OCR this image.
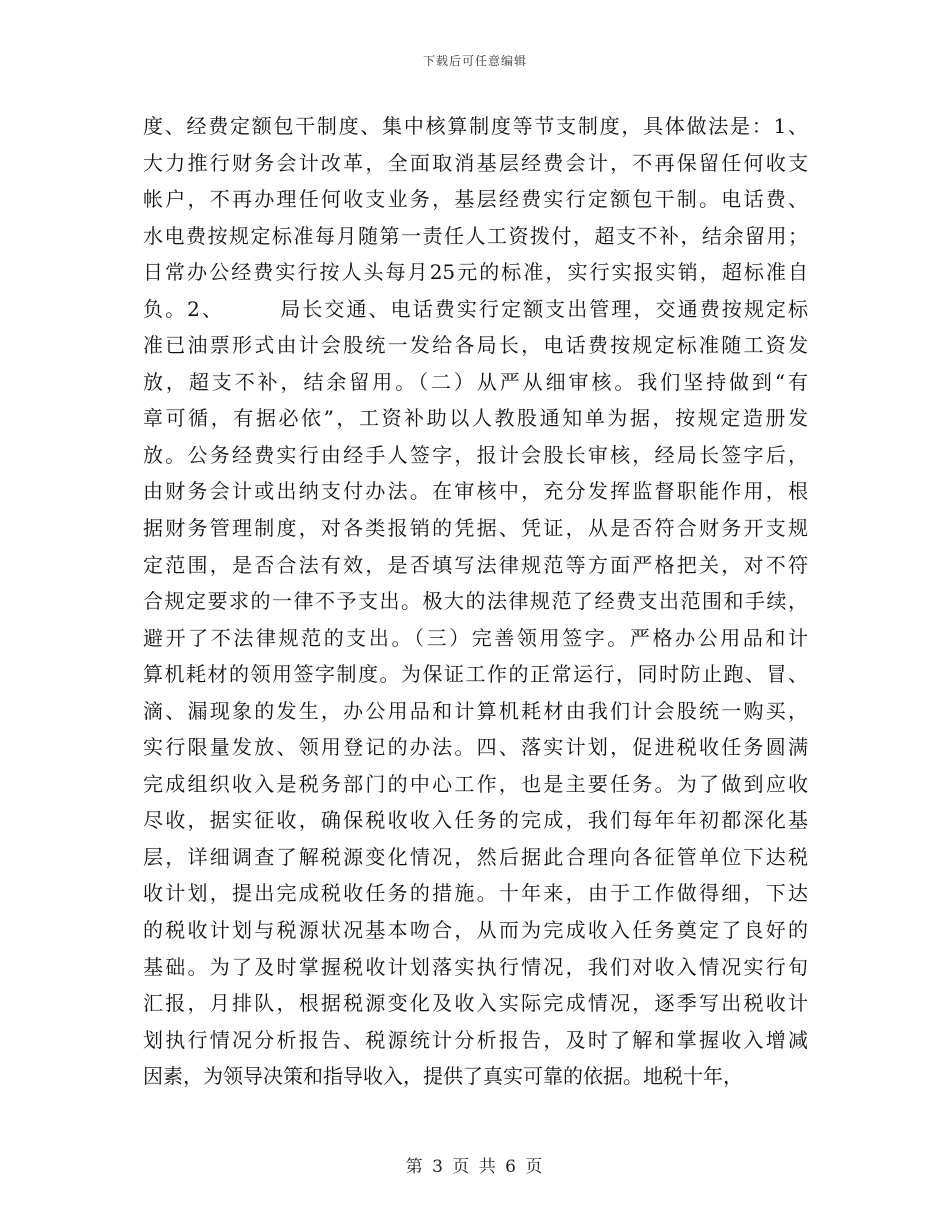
下载后可任意编辑
度、经费定额包干制度、集中核算制度等节支制度，具体做法是：1、
大力推行财务会计改革，全面取消基层经费会计，不再保留任何收支
帐户，不再办理任何收支业务，基层经费实行定额包干制。电话费、
水电费按规定标准每月随第一责任人工资拨付，超支不补，结余留用；
日常办公经费实行按人头每月25元的标准，实行实报实销，超标准自
负。2、　　　局长交通、电话费实行定额支出管理，交通费按规定标
准已油票形式由计会股统一发给各局长，电话费按规定标准随工资发
放，超支不补，结余留用。（二）从严从细审核。我们坚持做到“有
章可循，有据必依”，工资补助以人教股通知单为据，按规定造册发
放。公务经费实行由经手人签字，报计会股长审核，经局长签字后，
由财务会计或出纳支付办法。在审核中，充分发挥监督职能作用，根
据财务管理制度，对各类报销的凭据、凭证，从是否符合财务开支规
定范围，是否合法有效，是否填写法律规范等方面严格把关，对不符
合规定要求的一律不予支出。极大的法律规范了经费支出范围和手续，
避开了不法律规范的支出。（三）完善领用签字。严格办公用品和计
算机耗材的领用签字制度。为保证工作的正常运行，同时防止跑、冒、
滴、漏现象的发生，办公用品和计算机耗材由我们计会股统一购买，
实行限量发放、领用登记的办法。四、落实计划，促进税收任务圆满
完成组织收入是税务部门的中心工作，也是主要任务。为了做到应收
尽收，据实征收，确保税收收入任务的完成，我们每年年初都深化基
层，详细调查了解税源变化情况，然后据此合理向各征管单位下达税
收计划，提出完成税收任务的措施。十年来，由于工作做得细，下达
的税收计划与税源状况基本吻合，从而为完成收入任务奠定了良好的
基础。为了及时掌握税收计划落实执行情况，我们对收入情况实行旬
汇报，月排队，根据税源变化及收入实际完成情况，逐季写出税收计
划执行情况分析报告、税源统计分析报告，及时了解和掌握收入增减
因素，为领导决策和指导收入，提供了真实可靠的依据。地税十年，
第 3 页 共 6 页
